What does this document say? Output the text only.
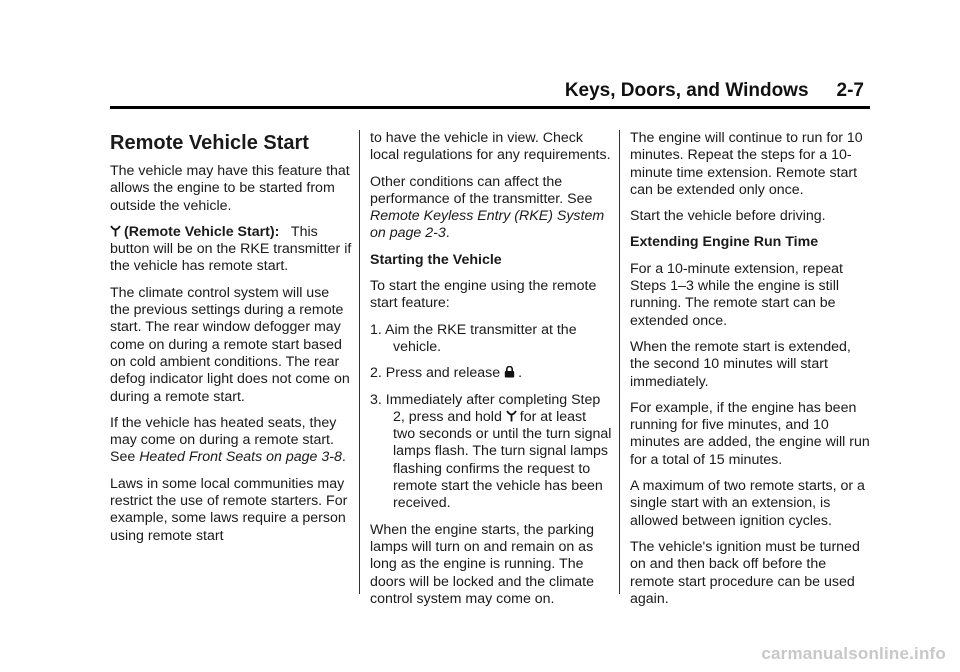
Keys, Doors, and Windows 2-7
Remote Vehicle Start

The vehicle may have this feature that allows the engine to be started from outside the vehicle.

(Remote Vehicle Start): This button will be on the RKE transmitter if the vehicle has remote start.

The climate control system will use the previous settings during a remote start. The rear window defogger may come on during a remote start based on cold ambient conditions. The rear defog indicator light does not come on during a remote start.

If the vehicle has heated seats, they may come on during a remote start. See Heated Front Seats on page 3-8.

Laws in some local communities may restrict the use of remote starters. For example, some laws require a person using remote start

to have the vehicle in view. Check local regulations for any requirements.

Other conditions can affect the performance of the transmitter. See Remote Keyless Entry (RKE) System on page 2-3.

Starting the Vehicle

To start the engine using the remote start feature:

1. Aim the RKE transmitter at the vehicle.

2. Press and release
.

3. Immediately after completing Step 2, press and hold
for at least two seconds or until the turn signal lamps flash. The turn signal lamps flashing confirms the request to remote start the vehicle has been received.

When the engine starts, the parking lamps will turn on and remain on as long as the engine is running. The doors will be locked and the climate control system may come on.

The engine will continue to run for 10 minutes. Repeat the steps for a 10-minute time extension. Remote start can be extended only once.

Start the vehicle before driving.

Extending Engine Run Time

For a 10-minute extension, repeat Steps 1–3 while the engine is still running. The remote start can be extended once.

When the remote start is extended, the second 10 minutes will start immediately.

For example, if the engine has been running for five minutes, and 10 minutes are added, the engine will run for a total of 15 minutes.

A maximum of two remote starts, or a single start with an extension, is allowed between ignition cycles.

The vehicle's ignition must be turned on and then back off before the remote start procedure can be used again.

carmanualsonline.info
